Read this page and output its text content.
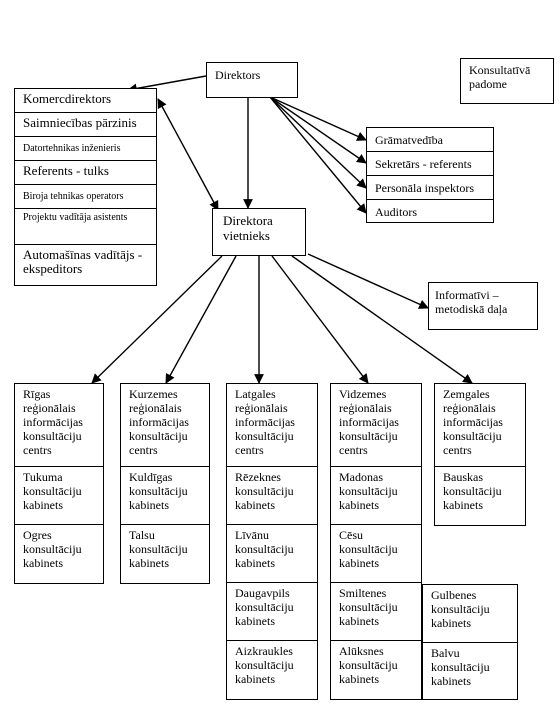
Direktors	Konsultatīvā padome
Komercdirektors
Saimniecības pārzinis
Datortehnikas inženieris
Referents - tulks
Biroja tehnikas operators
Projektu vadītāja asistents
Automašīnas vadītājs - ekspeditors
Grāmatvedība
Sekretārs - referents
Personāla inspektors
Auditors
Direktora vietnieks
Informatīvi – metodiskā daļa
Rīgas reģionālais informācijas konsultāciju centrs
Tukuma konsultāciju kabinets
Ogres konsultāciju kabinets
Kurzemes reģionālais informācijas konsultāciju centrs
Kuldīgas konsultāciju kabinets
Talsu konsultāciju kabinets
Latgales reģionālais informācijas konsultāciju centrs
Rēzeknes konsultāciju kabinets
Līvānu konsultāciju kabinets
Daugavpils konsultāciju kabinets
Aizkraukles konsultāciju kabinets
Vidzemes reģionālais informācijas konsultāciju centrs
Madonas konsultāciju kabinets
Cēsu konsultāciju kabinets
Smiltenes konsultāciju kabinets
Alūksnes konsultāciju kabinets
Gulbenes konsultāciju kabinets
Balvu konsultāciju kabinets
Zemgales reģionālais informācijas konsultāciju centrs
Bauskas konsultāciju kabinets
